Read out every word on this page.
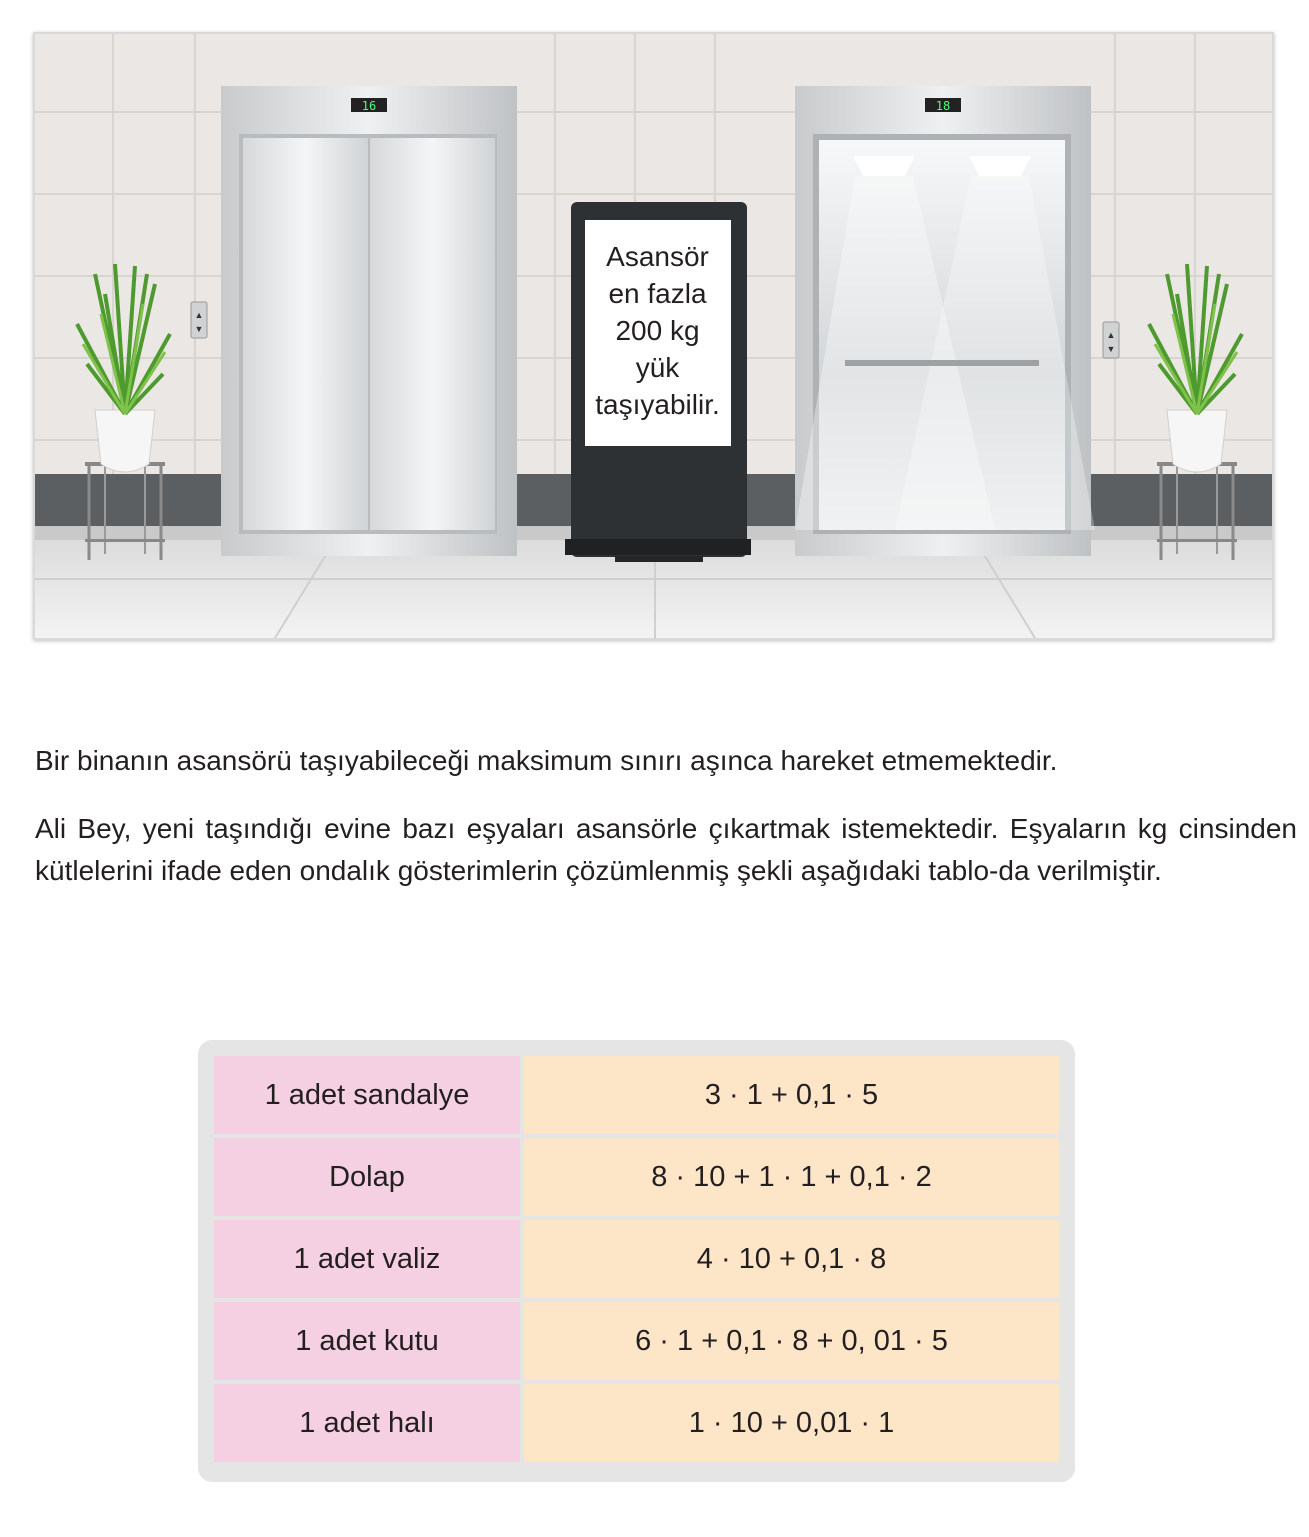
16
▲
▼
18
▲
▼
Asansör
en fazla
200 kg
yük
taşıyabilir.

Bir binanın asansörü taşıyabileceği maksimum sınırı aşınca hareket etmemektedir.

Ali Bey, yeni taşındığı evine bazı eşyaları asansörle çıkartmak istemektedir. Eşyaların kg cinsinden kütlelerini ifade eden ondalık gösterimlerin çözümlenmiş şekli aşağıdaki tablo-da verilmiştir.

1 adet sandalye	3 · 1 + 0,1 · 5
Dolap	8 · 10 + 1 · 1 + 0,1 · 2
1 adet valiz	4 · 10 + 0,1 · 8
1 adet kutu	6 · 1 + 0,1 · 8 + 0, 01 · 5
1 adet halı	1 · 10 + 0,01 · 1
